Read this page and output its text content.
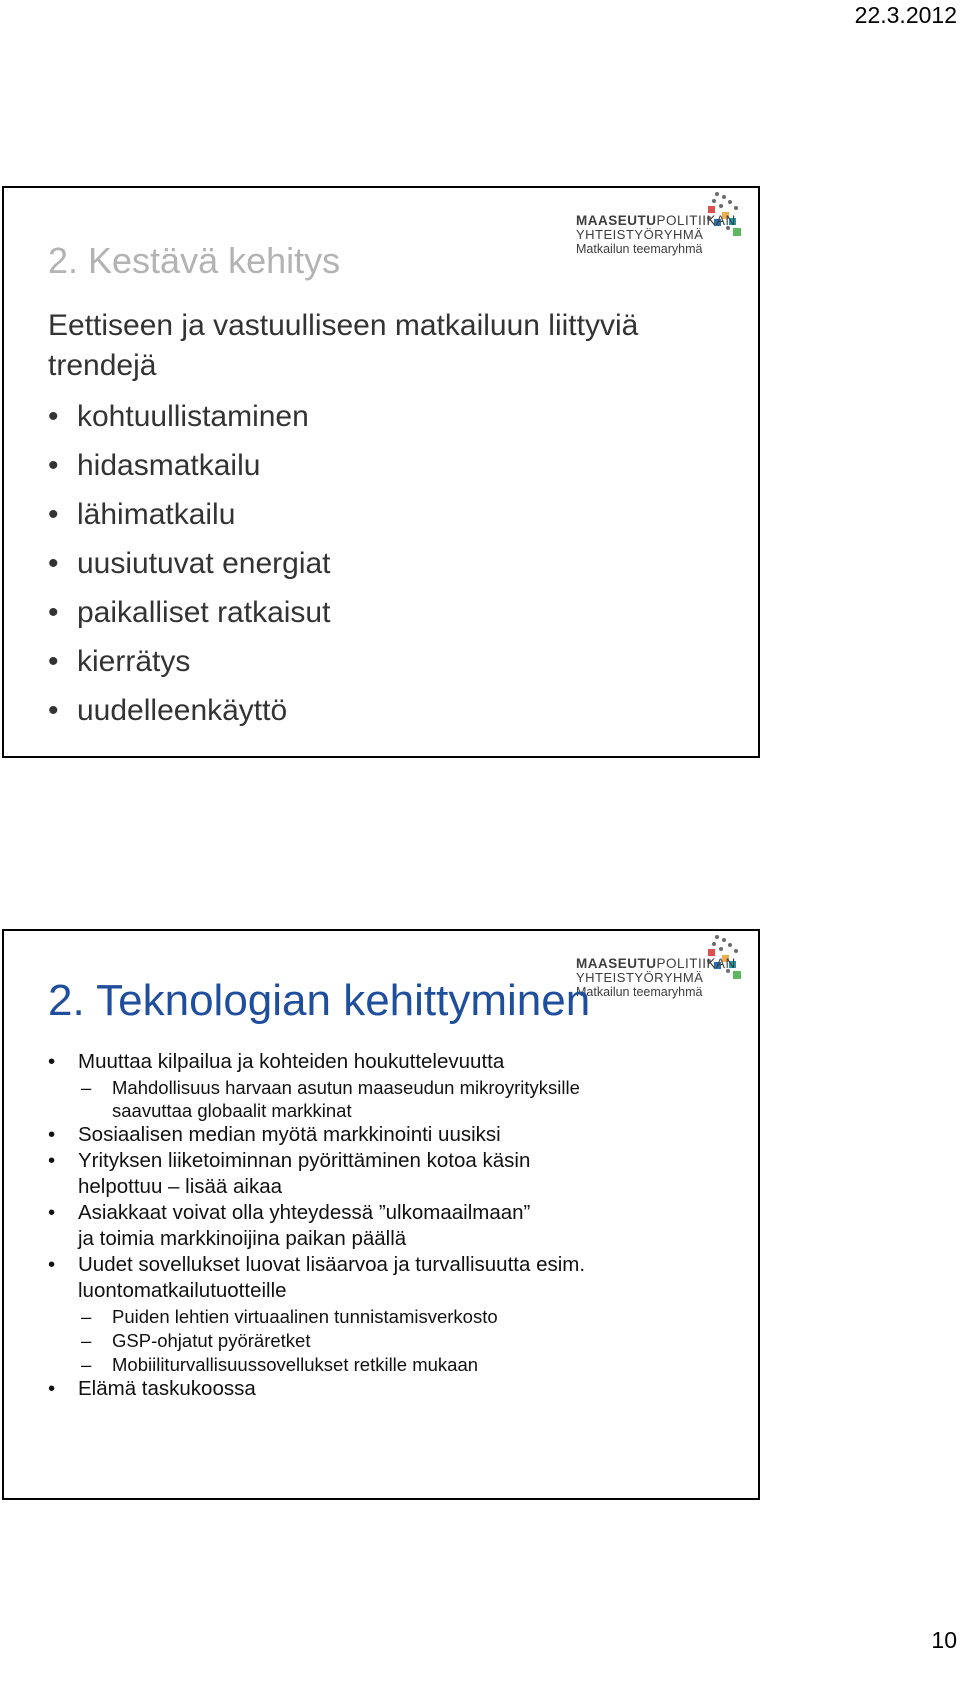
22.3.2012
MAASEUTUPOLITIIKAN
YHTEISTYÖRYHMÄ
Matkailun teemaryhmä
2. Kestävä kehitys
Eettiseen ja vastuulliseen matkailuun liittyviä trendejä
• kohtuullistaminen
• hidasmatkailu
• lähimatkailu
• uusiutuvat energiat
• paikalliset ratkaisut
• kierrätys
• uudelleenkäyttö
MAASEUTUPOLITIIKAN
YHTEISTYÖRYHMÄ
Matkailun teemaryhmä
2. Teknologian kehittyminen
• Muuttaa kilpailua ja kohteiden houkuttelevuutta
– Mahdollisuus harvaan asutun maaseudun mikroyrityksille
saavuttaa globaalit markkinat
• Sosiaalisen median myötä markkinointi uusiksi
• Yrityksen liiketoiminnan pyörittäminen kotoa käsin
helpottuu – lisää aikaa
• Asiakkaat voivat olla yhteydessä ”ulkomaailmaan”
ja toimia markkinoijina paikan päällä
• Uudet sovellukset luovat lisäarvoa ja turvallisuutta esim.
luontomatkailutuotteille
– Puiden lehtien virtuaalinen tunnistamisverkosto
– GSP-ohjatut pyöräretket
– Mobiiliturvallisuussovellukset retkille mukaan
• Elämä taskukoossa
10
